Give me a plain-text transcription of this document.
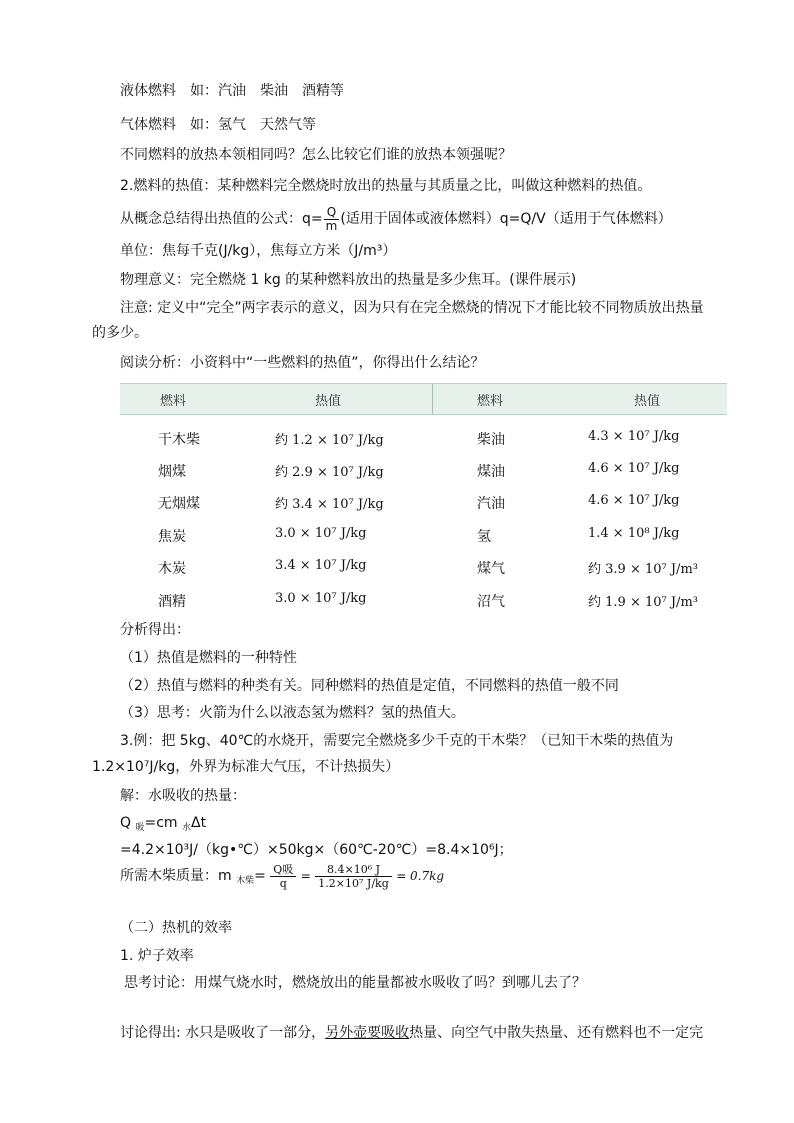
液体燃料　如：汽油　柴油　酒精等
气体燃料　如：氢气　天然气等
不同燃料的放热本领相同吗？怎么比较它们谁的放热本领强呢？
2.燃料的热值：某种燃料完全燃烧时放出的热量与其质量之比，叫做这种燃料的热值。
从概念总结得出热值的公式：$q= \frac{Q}{m}$ (适用于固体或液体燃料）q=Q/V（适用于气体燃料）
单位：焦每千克(J/kg），焦每立方米（J/m³）
物理意义：完全燃烧 1 kg 的某种燃料放出的热量是多少焦耳。(课件展示)
注意: 定义中“完全”两字表示的意义，因为只有在完全燃烧的情况下才能比较不同物质放出热量
的多少。
阅读分析：小资料中“一些燃料的热值”，你得出什么结论？
燃料	热值	燃料	热值
干木柴	约 1.2 × 10⁷ J/kg	柴油	4.3 × 10⁷ J/kg
烟煤	约 2.9 × 10⁷ J/kg	煤油	4.6 × 10⁷ J/kg
无烟煤	约 3.4 × 10⁷ J/kg	汽油	4.6 × 10⁷ J/kg
焦炭	3.0 × 10⁷ J/kg	氢	1.4 × 10⁸ J/kg
木炭	3.4 × 10⁷ J/kg	煤气	约 3.9 × 10⁷ J/m³
酒精	3.0 × 10⁷ J/kg	沼气	约 1.9 × 10⁷ J/m³
分析得出：
（1）热值是燃料的一种特性
（2）热值与燃料的种类有关。同种燃料的热值是定值，不同燃料的热值一般不同
（3）思考：火箭为什么以液态氢为燃料？氢的热值大。
3.例：把 5kg、40℃的水烧开，需要完全燃烧多少千克的干木柴？（已知干木柴的热值为
1.2×10⁷J/kg，外界为标准大气压，不计热损失）
解：水吸收的热量：
Q $_吸$=cm $_水$Δt
=4.2×10³J/（kg•℃）×50kg×（60℃-20℃）=8.4×10⁶J；
所需木柴质量：m $_{木柴}$= Q吸
q	= $\frac{\text{8.4×10⁶ J}}{\text{1.2×10⁷ J/kg}} = 0.7kg$
（二）热机的效率
1. 炉子效率
思考讨论：用煤气烧水时，燃烧放出的能量都被水吸收了吗？到哪儿去了？
讨论得出: 水只是吸收了一部分，另外壶要吸收热量、向空气中散失热量、还有燃料也不一定完
